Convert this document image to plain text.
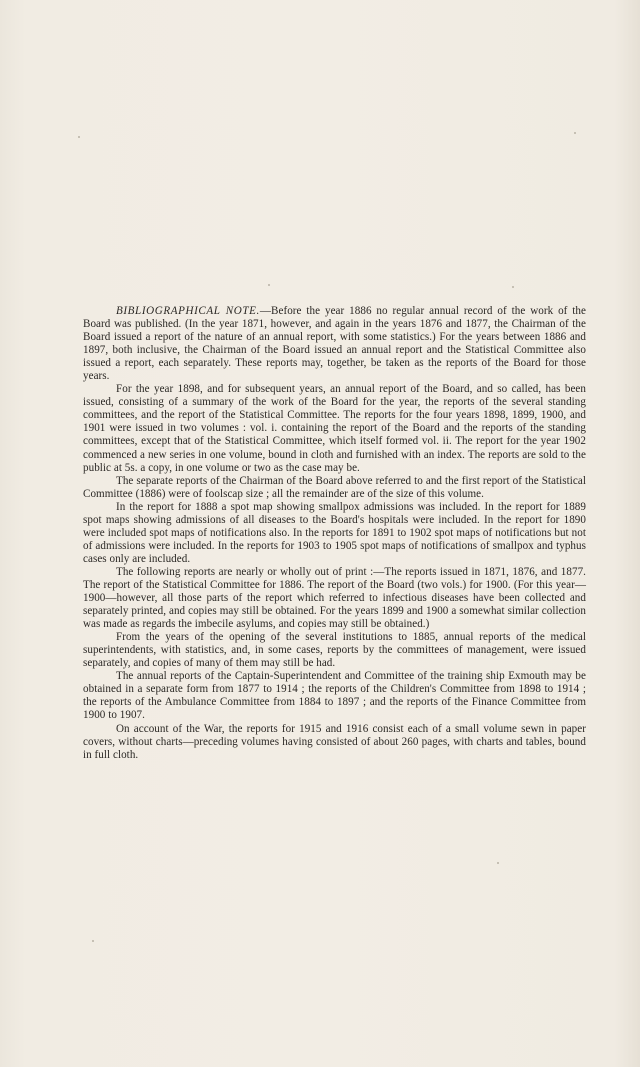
BIBLIOGRAPHICAL NOTE.—Before the year 1886 no regular annual record of the work of the Board was published. (In the year 1871, however, and again in the years 1876 and 1877, the Chairman of the Board issued a report of the nature of an annual report, with some statistics.) For the years between 1886 and 1897, both inclusive, the Chairman of the Board issued an annual report and the Statistical Committee also issued a report, each separately. These reports may, together, be taken as the reports of the Board for those years.

For the year 1898, and for subsequent years, an annual report of the Board, and so called, has been issued, consisting of a summary of the work of the Board for the year, the reports of the several standing committees, and the report of the Statistical Committee. The reports for the four years 1898, 1899, 1900, and 1901 were issued in two volumes : vol. i. containing the report of the Board and the reports of the standing committees, except that of the Statistical Committee, which itself formed vol. ii. The report for the year 1902 commenced a new series in one volume, bound in cloth and furnished with an index. The reports are sold to the public at 5s. a copy, in one volume or two as the case may be.

The separate reports of the Chairman of the Board above referred to and the first report of the Statistical Committee (1886) were of foolscap size ; all the remainder are of the size of this volume.

In the report for 1888 a spot map showing smallpox admissions was included. In the report for 1889 spot maps showing admissions of all diseases to the Board's hospitals were included. In the report for 1890 were included spot maps of notifications also. In the reports for 1891 to 1902 spot maps of notifications but not of admissions were included. In the reports for 1903 to 1905 spot maps of notifications of smallpox and typhus cases only are included.

The following reports are nearly or wholly out of print :—The reports issued in 1871, 1876, and 1877. The report of the Statistical Committee for 1886. The report of the Board (two vols.) for 1900. (For this year—1900—however, all those parts of the report which referred to infectious diseases have been collected and separately printed, and copies may still be obtained. For the years 1899 and 1900 a somewhat similar collection was made as regards the imbecile asylums, and copies may still be obtained.)

From the years of the opening of the several institutions to 1885, annual reports of the medical superintendents, with statistics, and, in some cases, reports by the committees of management, were issued separately, and copies of many of them may still be had.

The annual reports of the Captain-Superintendent and Committee of the training ship Exmouth may be obtained in a separate form from 1877 to 1914 ; the reports of the Children's Committee from 1898 to 1914 ; the reports of the Ambulance Committee from 1884 to 1897 ; and the reports of the Finance Committee from 1900 to 1907.

On account of the War, the reports for 1915 and 1916 consist each of a small volume sewn in paper covers, without charts—preceding volumes having consisted of about 260 pages, with charts and tables, bound in full cloth.
